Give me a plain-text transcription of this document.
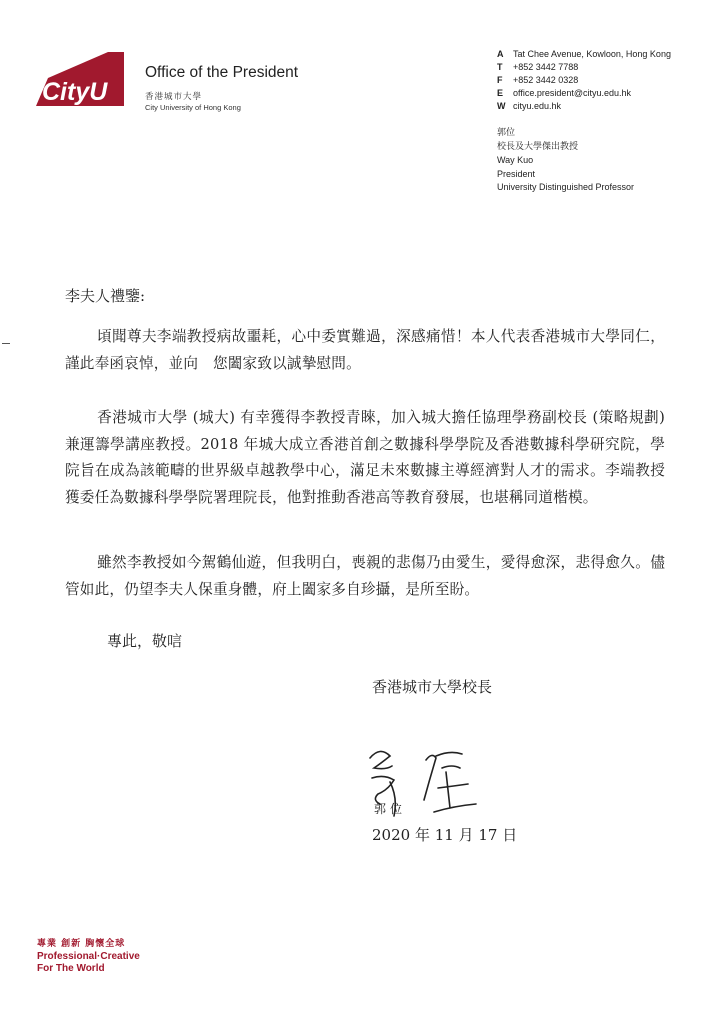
CityU
Office of the President
香港城市大學
City University of Hong Kong
A Tat Chee Avenue, Kowloon, Hong Kong
T +852 3442 7788
F +852 3442 0328
E office.president@cityu.edu.hk
W cityu.edu.hk
郭位
校長及大學傑出教授
Way Kuo
President
University Distinguished Professor
李夫人禮鑒:
頃聞尊夫李端教授病故噩耗，心中委實難過，深感痛惜！本人代表香港城市大學同仁，謹此奉函哀悼，並向　您闔家致以誠摯慰問。
香港城市大學 (城大) 有幸獲得李教授青睞，加入城大擔任協理學務副校長 (策略規劃) 兼運籌學講座教授。2018 年城大成立香港首創之數據科學學院及香港數據科學研究院，學院旨在成為該範疇的世界級卓越教學中心，滿足未來數據主導經濟對人才的需求。李端教授獲委任為數據科學學院署理院長，他對推動香港高等教育發展，也堪稱同道楷模。
雖然李教授如今駕鶴仙遊，但我明白，喪親的悲傷乃由愛生，愛得愈深，悲得愈久。儘管如此，仍望李夫人保重身體，府上闔家多自珍攝，是所至盼。
專此，敬唁
香港城市大學校長
郭位
2020 年 11 月 17 日
專業 創新 胸懷全球
Professional·Creative
For The World
